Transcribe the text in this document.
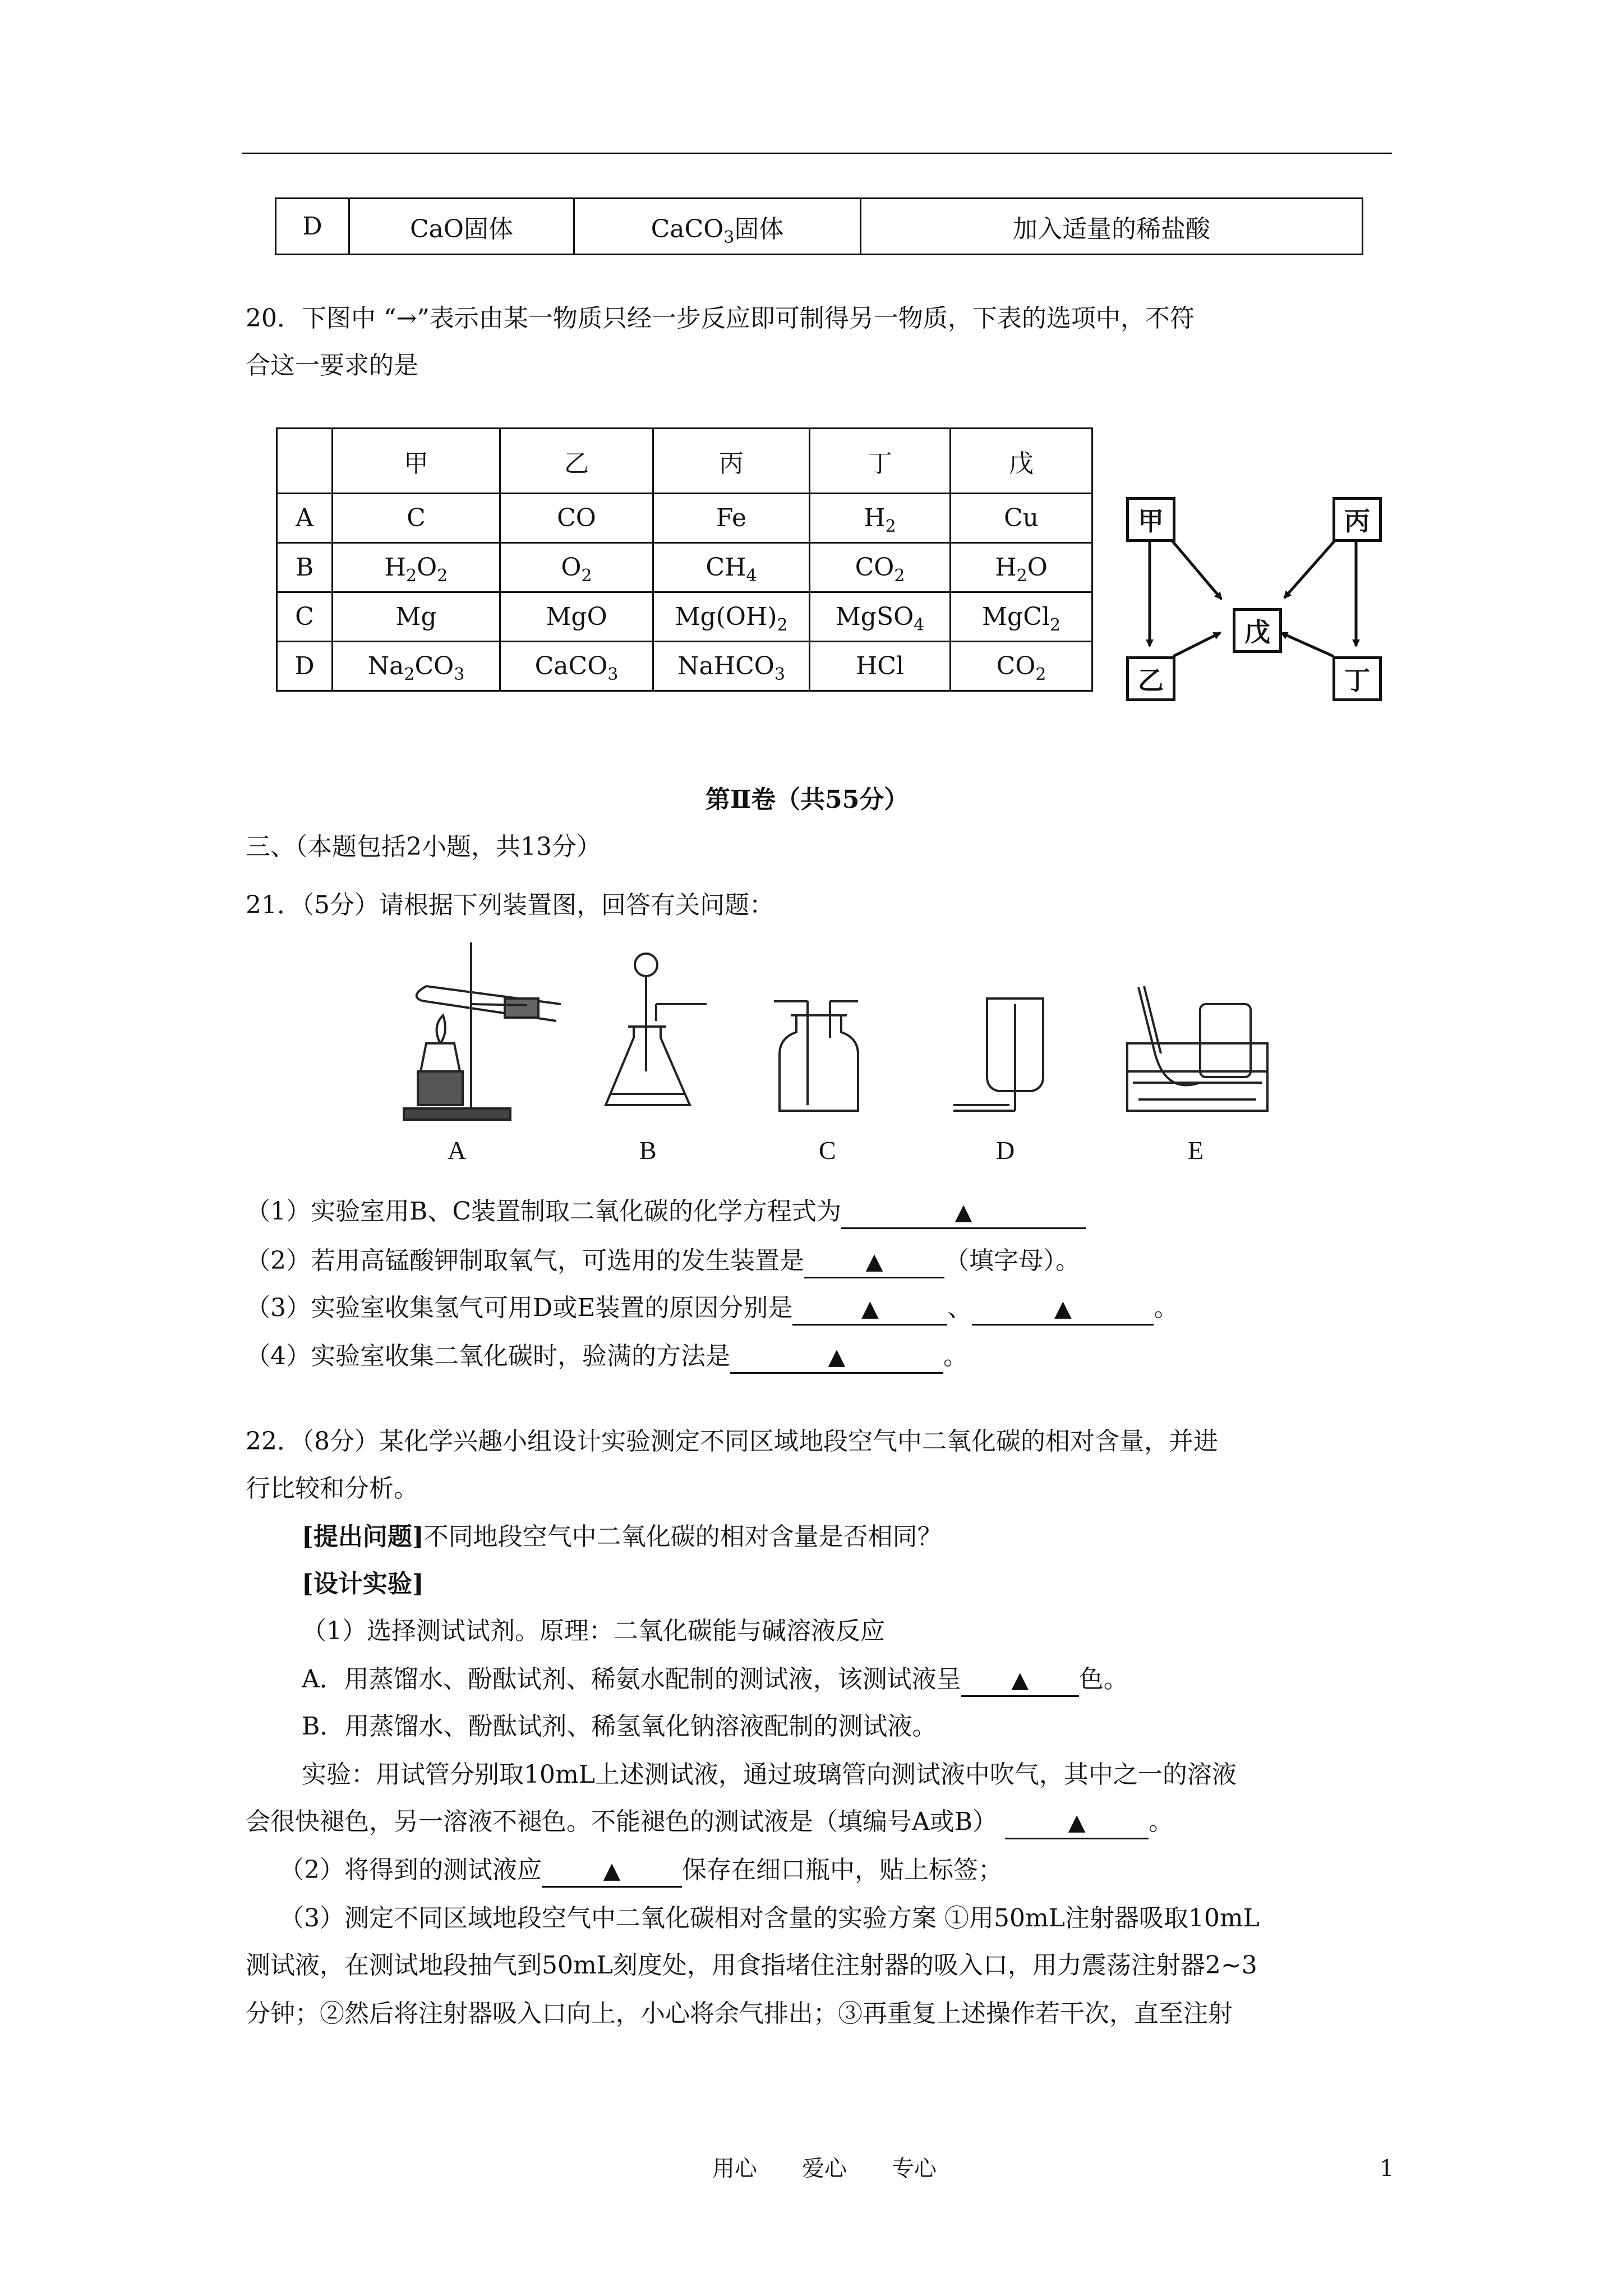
D	CaO固体	CaCO$_3$固体	加入适量的稀盐酸
20．下图中 “→”表示由某一物质只经一步反应即可制得另一物质，下表的选项中，不符
合这一要求的是
	甲	乙	丙	丁	戊
A	C	CO	Fe	$H_2$	Cu
B	$H_2O_2$	$O_2$	$CH_4$	$CO_2$	$H_2O$
C	Mg	MgO	$Mg(OH)_2$	MgSO$_4$	MgCl$_2$
D	$Na_2CO_3$	CaCO$_3$	NaHCO$_3$	HCl	$CO_2$
甲	丙
戊
乙	丁
第Ⅱ卷（共55分）
三、（本题包括2小题，共13分）
21．（5分）请根据下列装置图，回答有关问题：
A	B	C	D	E
（1）实验室用B、C装置制取二氧化碳的化学方程式为	▲
（2）若用高锰酸钾制取氧气，可选用的发生装置是	▲ （填字母）。
（3）实验室收集氢气可用D或E装置的原因分别是	▲	、	▲	。
（4）实验室收集二氧化碳时，验满的方法是	▲	。
22．（8分）某化学兴趣小组设计实验测定不同区域地段空气中二氧化碳的相对含量，并进
行比较和分析。
[提出问题]不同地段空气中二氧化碳的相对含量是否相同？
[设计实验]
（1）选择测试试剂。原理：二氧化碳能与碱溶液反应
A．用蒸馏水、酚酞试剂、稀氨水配制的测试液，该测试液呈 ▲ 色。
B．用蒸馏水、酚酞试剂、稀氢氧化钠溶液配制的测试液。
实验：用试管分别取10mL上述测试液，通过玻璃管向测试液中吹气，其中之一的溶液
会很快褪色，另一溶液不褪色。不能褪色的测试液是（填编号A或B）	▲	。
（2）将得到的测试液应	▲ 保存在细口瓶中，贴上标签；
（3）测定不同区域地段空气中二氧化碳相对含量的实验方案 ①用50mL注射器吸取10mL
测试液，在测试地段抽气到50mL刻度处，用食指堵住注射器的吸入口，用力震荡注射器2~3
分钟；②然后将注射器吸入口向上，小心将余气排出；③再重复上述操作若干次，直至注射
用心　　爱心　　专心	1
